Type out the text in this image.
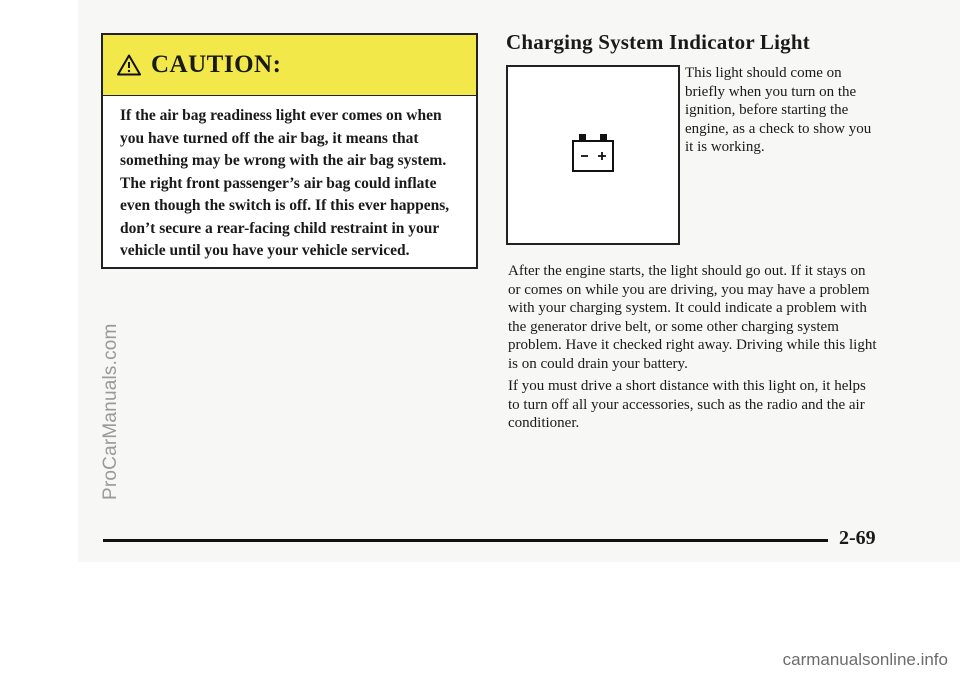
ProCarManuals.com
CAUTION:
If the air bag readiness light ever comes on when you have turned off the air bag, it means that something may be wrong with the air bag system. The right front passenger’s air bag could inflate even though the switch is off. If this ever happens, don’t secure a rear-facing child restraint in your vehicle until you have your vehicle serviced.
Charging System Indicator Light
This light should come on briefly when you turn on the ignition, before starting the engine, as a check to show you it is working.
After the engine starts, the light should go out. If it stays on or comes on while you are driving, you may have a problem with your charging system. It could indicate a problem with the generator drive belt, or some other charging system problem. Have it checked right away. Driving while this light is on could drain your battery.
If you must drive a short distance with this light on, it helps to turn off all your accessories, such as the radio and the air conditioner.
2-69
carmanualsonline.info
